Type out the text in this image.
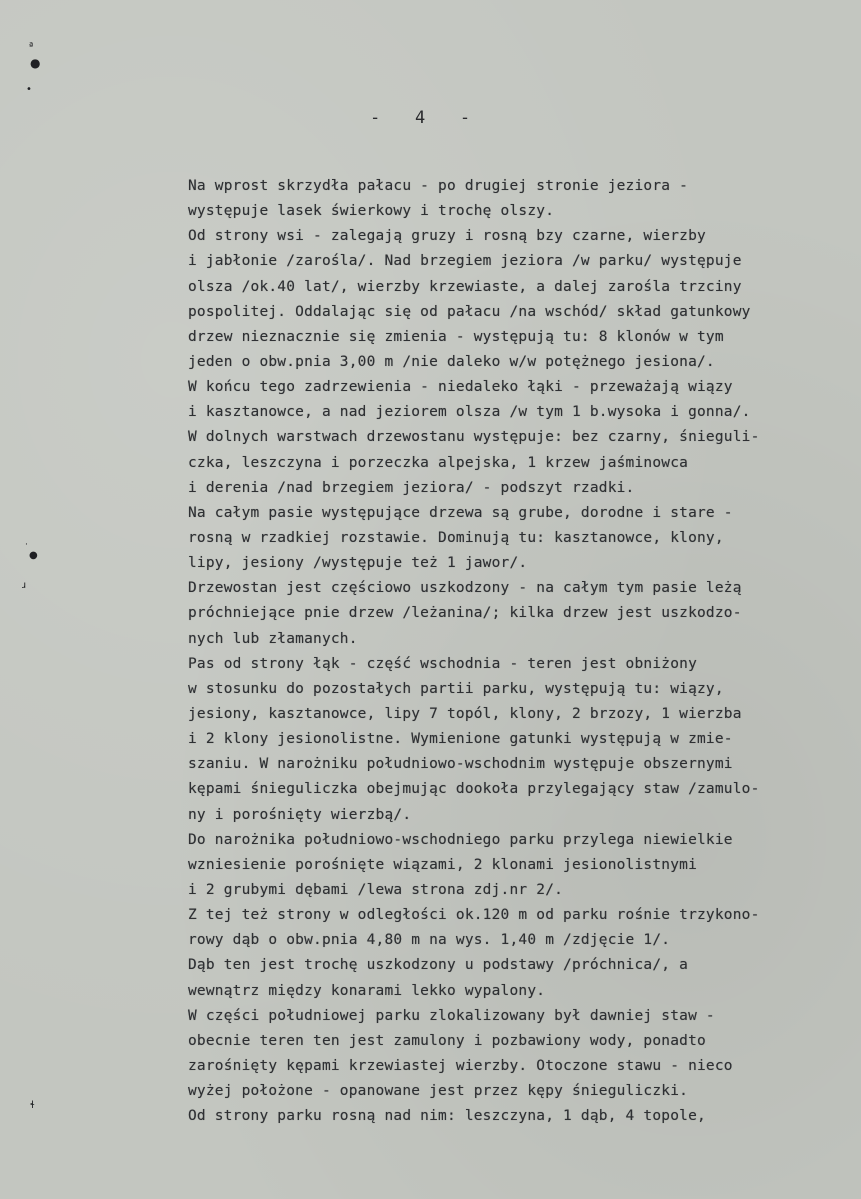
ª
●
•
·
●
ɹ
ɬ
-   4   -
Na wprost skrzydła pałacu - po drugiej stronie jeziora -
występuje lasek świerkowy i trochę olszy.
Od strony wsi - zalegają gruzy i rosną bzy czarne, wierzby
i jabłonie /zarośla/. Nad brzegiem jeziora /w parku/ występuje
olsza /ok.40 lat/, wierzby krzewiaste, a dalej zarośla trzciny
pospolitej. Oddalając się od pałacu /na wschód/ skład gatunkowy
drzew nieznacznie się zmienia - występują tu: 8 klonów w tym
jeden o obw.pnia 3,00 m /nie daleko w/w potężnego jesiona/.
W końcu tego zadrzewienia - niedaleko łąki - przeważają wiązy
i kasztanowce, a nad jeziorem olsza /w tym 1 b.wysoka i gonna/.
W dolnych warstwach drzewostanu występuje: bez czarny, śnieguli-
czka, leszczyna i porzeczka alpejska, 1 krzew jaśminowca
i derenia /nad brzegiem jeziora/ - podszyt rzadki.
Na całym pasie występujące drzewa są grube, dorodne i stare -
rosną w rzadkiej rozstawie. Dominują tu: kasztanowce, klony,
lipy, jesiony /występuje też 1 jawor/.
Drzewostan jest częściowo uszkodzony - na całym tym pasie leżą
próchniejące pnie drzew /leżanina/; kilka drzew jest uszkodzo-
nych lub złamanych.
Pas od strony łąk - część wschodnia - teren jest obniżony
w stosunku do pozostałych partii parku, występują tu: wiązy,
jesiony, kasztanowce, lipy 7 topól, klony, 2 brzozy, 1 wierzba
i 2 klony jesionolistne. Wymienione gatunki występują w zmie-
szaniu. W narożniku południowo-wschodnim występuje obszernymi
kępami śnieguliczka obejmując dookoła przylegający staw /zamulo-
ny i porośnięty wierzbą/.
Do narożnika południowo-wschodniego parku przylega niewielkie
wzniesienie porośnięte wiązami, 2 klonami jesionolistnymi
i 2 grubymi dębami /lewa strona zdj.nr 2/.
Z tej też strony w odległości ok.120 m od parku rośnie trzykono-
rowy dąb o obw.pnia 4,80 m na wys. 1,40 m /zdjęcie 1/.
Dąb ten jest trochę uszkodzony u podstawy /próchnica/, a
wewnątrz między konarami lekko wypalony.
W części południowej parku zlokalizowany był dawniej staw -
obecnie teren ten jest zamulony i pozbawiony wody, ponadto
zarośnięty kępami krzewiastej wierzby. Otoczone stawu - nieco
wyżej położone - opanowane jest przez kępy śnieguliczki.
Od strony parku rosną nad nim: leszczyna, 1 dąb, 4 topole,
